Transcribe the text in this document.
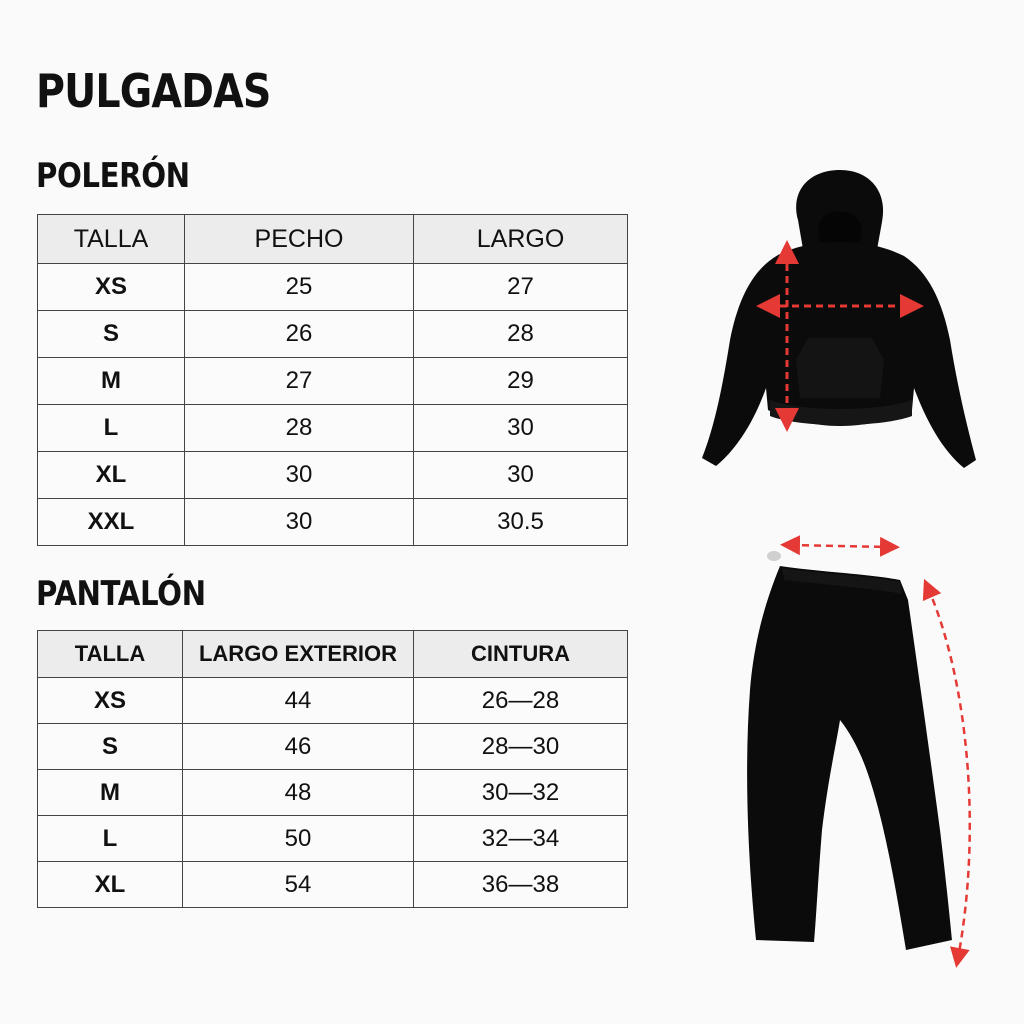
PULGADAS
POLERÓN
TALLA	PECHO	LARGO
XS	25	27
S	26	28
M	27	29
L	28	30
XL	30	30
XXL	30	30.5
PANTALÓN
TALLA	LARGO EXTERIOR	CINTURA
XS	44	26—28
S	46	28—30
M	48	30—32
L	50	32—34
XL	54	36—38
